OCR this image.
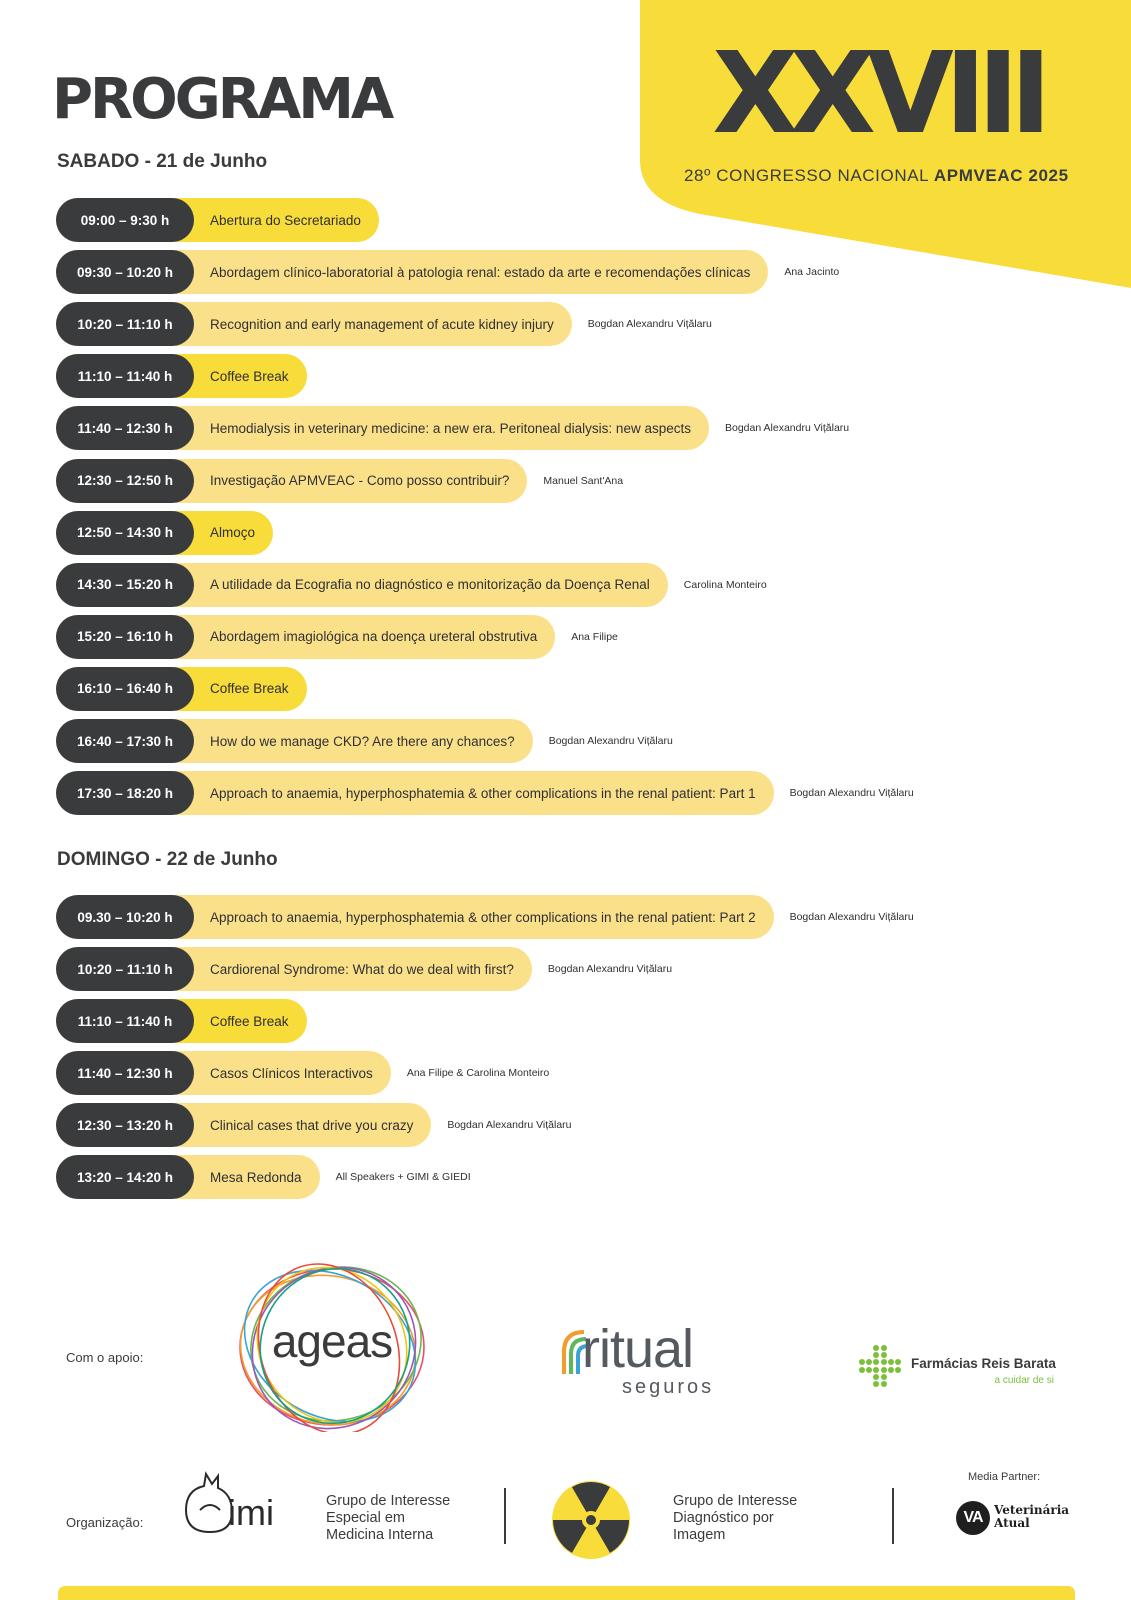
XXVIII
28º CONGRESSO NACIONAL APMVEAC 2025
PROGRAMA
SABADO - 21 de Junho
09:00 – 9:30 h	Abertura do Secretariado
09:30 – 10:20 h	Abordagem clínico-laboratorial à patologia renal: estado da arte e recomendações clínicas	Ana Jacinto
10:20 – 11:10 h	Recognition and early management of acute kidney injury	Bogdan Alexandru Vițălaru
11:10 – 11:40 h	Coffee Break
11:40 – 12:30 h	Hemodialysis in veterinary medicine: a new era. Peritoneal dialysis: new aspects	Bogdan Alexandru Vițălaru
12:30 – 12:50 h	Investigação APMVEAC - Como posso contribuir?	Manuel Sant'Ana
12:50 – 14:30 h	Almoço
14:30 – 15:20 h	A utilidade da Ecografia no diagnóstico e monitorização da Doença Renal	Carolina Monteiro
15:20 – 16:10 h	Abordagem imagiológica na doença ureteral obstrutiva	Ana Filipe
16:10 – 16:40 h	Coffee Break
16:40 – 17:30 h	How do we manage CKD? Are there any chances?	Bogdan Alexandru Vițălaru
17:30 – 18:20 h	Approach to anaemia, hyperphosphatemia & other complications in the renal patient: Part 1	Bogdan Alexandru Vițălaru
DOMINGO - 22 de Junho
09.30 – 10:20 h	Approach to anaemia, hyperphosphatemia & other complications in the renal patient: Part 2	Bogdan Alexandru Vițălaru
10:20 – 11:10 h	Cardiorenal Syndrome: What do we deal with first?	Bogdan Alexandru Vițălaru
11:10 – 11:40 h	Coffee Break
11:40 – 12:30 h	Casos Clínicos Interactivos	Ana Filipe & Carolina Monteiro
12:30 – 13:20 h	Clinical cases that drive you crazy	Bogdan Alexandru Vițălaru
13:20 – 14:20 h	Mesa Redonda	All Speakers + GIMI & GIEDI
Com o apoio:	ageas	ritual
seguros
Farmácias Reis Barata
a cuidar de si
Organização: imi	Grupo de Interesse Especial em Medicina Interna
Grupo de Interesse Diagnóstico por Imagem
Media Partner:
VA Veterinária Atual
